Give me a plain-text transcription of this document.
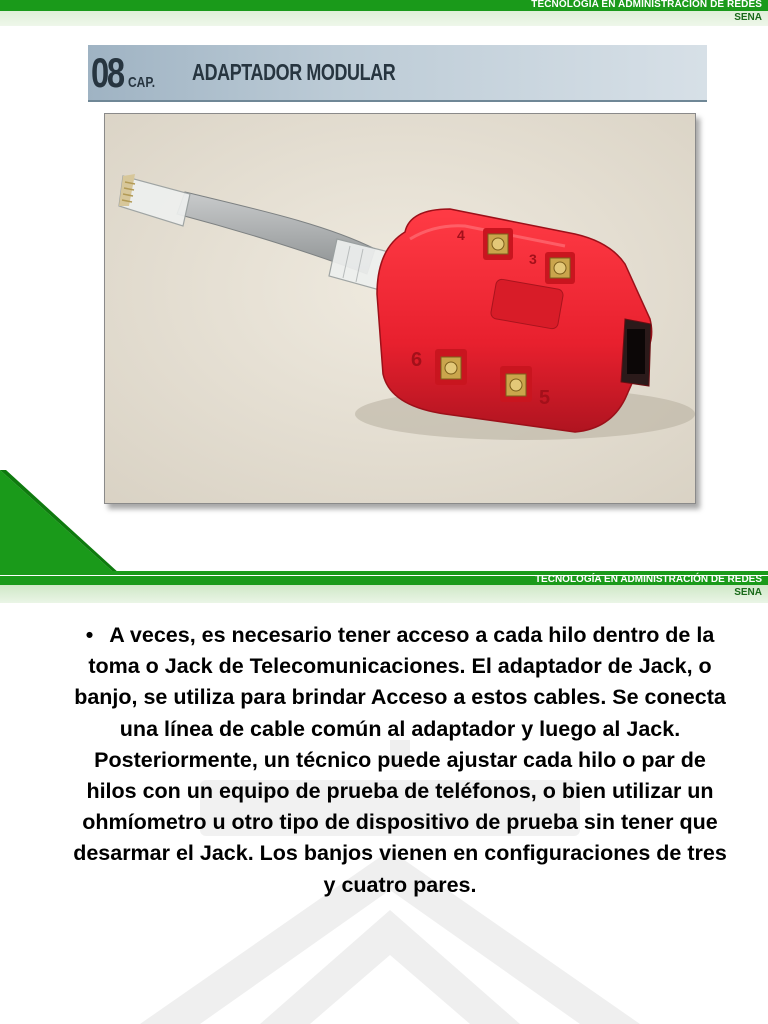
TECNOLOGÍA EN ADMINISTRACIÓN DE REDES
SENA
08 CAP. ADAPTADOR MODULAR
4
3
6
5
TECNOLOGÍA EN ADMINISTRACIÓN DE REDES
SENA
• A veces, es necesario tener acceso a cada hilo dentro de la toma o Jack de Telecomunicaciones. El adaptador de Jack, o banjo, se utiliza para brindar Acceso a estos cables. Se conecta una línea de cable común al adaptador y luego al Jack. Posteriormente, un técnico puede ajustar cada hilo o par de hilos con un equipo de prueba de teléfonos, o bien utilizar un ohmíometro u otro tipo de dispositivo de prueba sin tener que desarmar el Jack. Los banjos vienen en configuraciones de tres y cuatro pares.
